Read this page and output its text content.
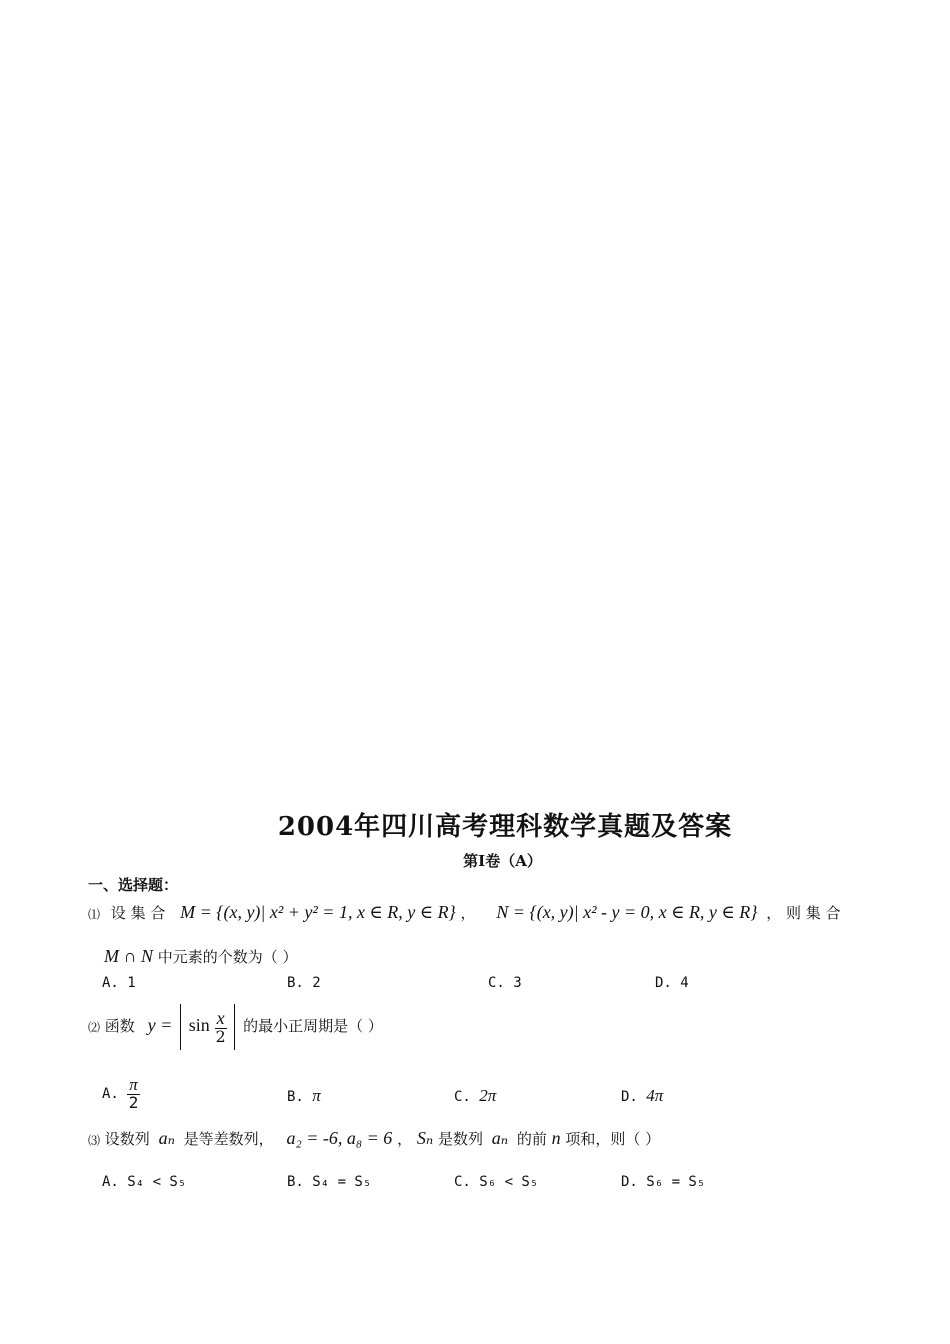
2004年四川高考理科数学真题及答案
第Ⅰ卷（A）
一、选择题：
⑴ 设 集 合 M = {(x, y)| x² + y² = 1, x ∈ R, y ∈ R} ， N = {(x, y)| x² - y = 0, x ∈ R, y ∈ R} ， 则 集 合
M ∩ N 中元素的个数为（ ）
A. 1	B. 2	C. 3	D. 4
⑵ 函数 $y = \sin \frac{x}{2}$ 的最小正周期是（ ）
A. $\frac{\pi}{2}$	B. π	C. 2π	D. 4π
⑶ 设数列 aₙ 是等差数列， a₂ = -6, a₈ = 6 ， Sₙ 是数列 aₙ 的前 n 项和，则（ ）
A. S₄ < S₅	B. S₄ = S₅	C. S₆ < S₅	D. S₆ = S₅
